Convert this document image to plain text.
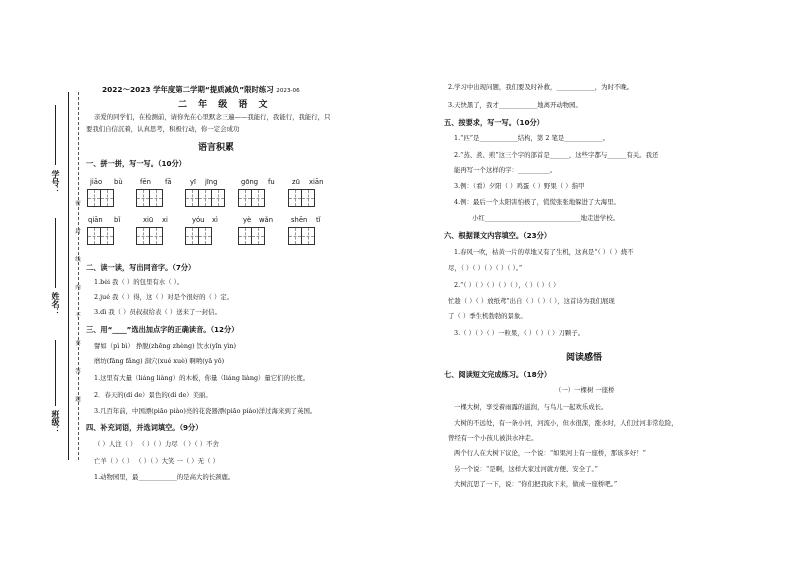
密
封
线
内
不
要
答
题
学号：
姓名：
班级：
2022～2023 学年度第二学期“提质减负”限时练习 2023-06
二 年 级 语 文
亲爱的同学们，在检测前，请你先在心里默念三遍——我能行，我能行，我能行，只
要我们自信沉着，认真思考，积极行动，你一定会成功
语言积累
一、拼一拼，写一写。（10分）
jiāo bù	fēn fā	yī jīng	gōng fu	zū xiān
qiān bǐ	xiū xi	yóu xì	yè wǎn	shēn tǐ
二、读一读，写出同音字。（7分）
1.bèi 我（ ）的包里有水（ ）。
2.jué 我（ ）得，这（ ）对是个很好的（ ）定。
3.dì 我（ ）员叔叔给表（ ）送来了一封信。
三、用“____”选出加点字的正确读音。（12分）
譬如（pì bì） 挣脱(zhēng zhèng) 饮水(yǐn yìn)
磨坊(fāng fǎng) 洞穴(xué xuè) 啊哟(yā yō)
1.这里有大量（liáng liàng）的木板，你量（liáng liàng）量它们的长度。
2．春天的(dí de）景色的(dí de）美丽。
3.几百年前，中国漂(piāo piào)亮的花瓷器漂(piāo piào)洋过海来到了英国。
四、补充词语，并选词填空。（9分）
（ ）人注（ ） （ ）（ ）力尽 （ ）（ ）不舍
亡羊（ ）（ ） （ ）（ ）大笑 一（ ）无（ ）
1.动物园里，最____________的是高大的长颈鹿。
2.学习中出现问题，我们要及时补救，____________，为时不晚。
3.天快黑了，我才____________地离开动物园。
五、按要求，写一写。（10分）
1.“匹”是____________结构，第 2 笔是____________。
2.“蒸、煮、煎”这三个字的部首是______，这些字都与______有关。我还
能再写一个这样的字：__________。
3.例：（看）夕阳（ ）鸡蛋（ ）野果（ ）指甲
4.例：最后一个太阳害怕极了，慌慌张张地躲进了大海里。
小红______________________________地走进学校。
六、根据课文内容填空。（23分）
1.春风一吹，枯黄一片的草地又有了生机，这真是“（ ）（ ）烧不
尽，（ ）（ ）（ ）（ ）（ ）。”
2.“（ ）（ ）（ ）（ ）（ ），（ ）（ ）（ ）
忙趁（ ）（ ）放纸鸢”出自（ ）（ ）（ ），这首诗为我们展现
了（ ）季生机勃勃的景象。
3.（ ）（ ）（ ）一粒果，（ ）（ ）（ ）刀颗子。
阅读感悟
七、阅读短文完成练习。（18分）
（一）一棵树 一座桥
一棵大树，享受着雨露的滋润，与鸟儿一起欢乐成长。
大树的不远处，有一条小河，河流小，但水很深，涨水时，人们过河非常危险，
曾经有一个小孩儿被洪水冲走。
两个行人在大树下议论，一个说：“如果河上有一座桥，那该多好！”
另一个说：“是啊，这样大家过河就方便、安全了。”
大树沉思了一下，说：“你们把我砍下来，做成一座桥吧。”
